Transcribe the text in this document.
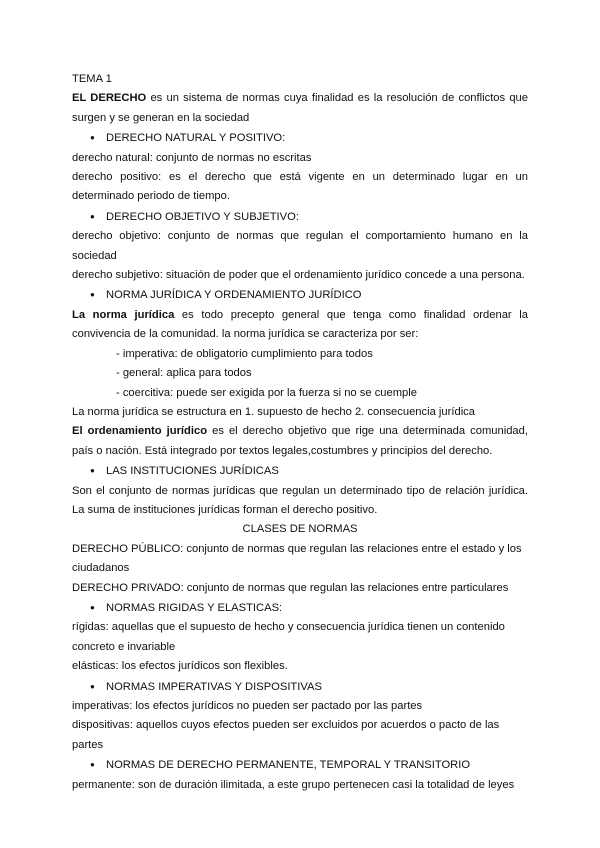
TEMA 1

EL DERECHO es un sistema de normas cuya finalidad es la resolución de conflictos que surgen y se generan en la sociedad

● DERECHO NATURAL Y POSITIVO:

derecho natural: conjunto de normas no escritas

derecho positivo: es el derecho que está vigente en un determinado lugar en un determinado periodo de tiempo.

● DERECHO OBJETIVO Y SUBJETIVO:

derecho objetivo: conjunto de normas que regulan el comportamiento humano en la sociedad

derecho subjetivo: situación de poder que el ordenamiento jurídico concede a una persona.

● NORMA JURÍDICA Y ORDENAMIENTO JURÍDICO

La norma jurídica es todo precepto general que tenga como finalidad ordenar la convivencia de la comunidad. la norma jurídica se caracteriza por ser:

- imperativa: de obligatorio cumplimiento para todos

- general: aplica para todos

- coercitiva: puede ser exigida por la fuerza si no se cuemple

La norma jurídica se estructura en 1. supuesto de hecho 2. consecuencia jurídica

El ordenamiento jurídico es el derecho objetivo que rige una determinada comunidad, país o nación. Está integrado por textos legales,costumbres y principios del derecho.

● LAS INSTITUCIONES JURÍDICAS

Son el conjunto de normas jurídicas que regulan un determinado tipo de relación jurídica. La suma de instituciones jurídicas forman el derecho positivo.

CLASES DE NORMAS

DERECHO PÚBLICO: conjunto de normas que regulan las relaciones entre el estado y los ciudadanos

DERECHO PRIVADO: conjunto de normas que regulan las relaciones entre particulares

● NORMAS RIGIDAS Y ELASTICAS:

rígidas: aquellas que el supuesto de hecho y consecuencia jurídica tienen un contenido concreto e invariable

elásticas: los efectos jurídicos son flexibles.

● NORMAS IMPERATIVAS Y DISPOSITIVAS

imperativas: los efectos jurídicos no pueden ser pactado por las partes

dispositivas: aquellos cuyos efectos pueden ser excluidos por acuerdos o pacto de las partes

● NORMAS DE DERECHO PERMANENTE, TEMPORAL Y TRANSITORIO

permanente: son de duración ilimitada, a este grupo pertenecen casi la totalidad de leyes
